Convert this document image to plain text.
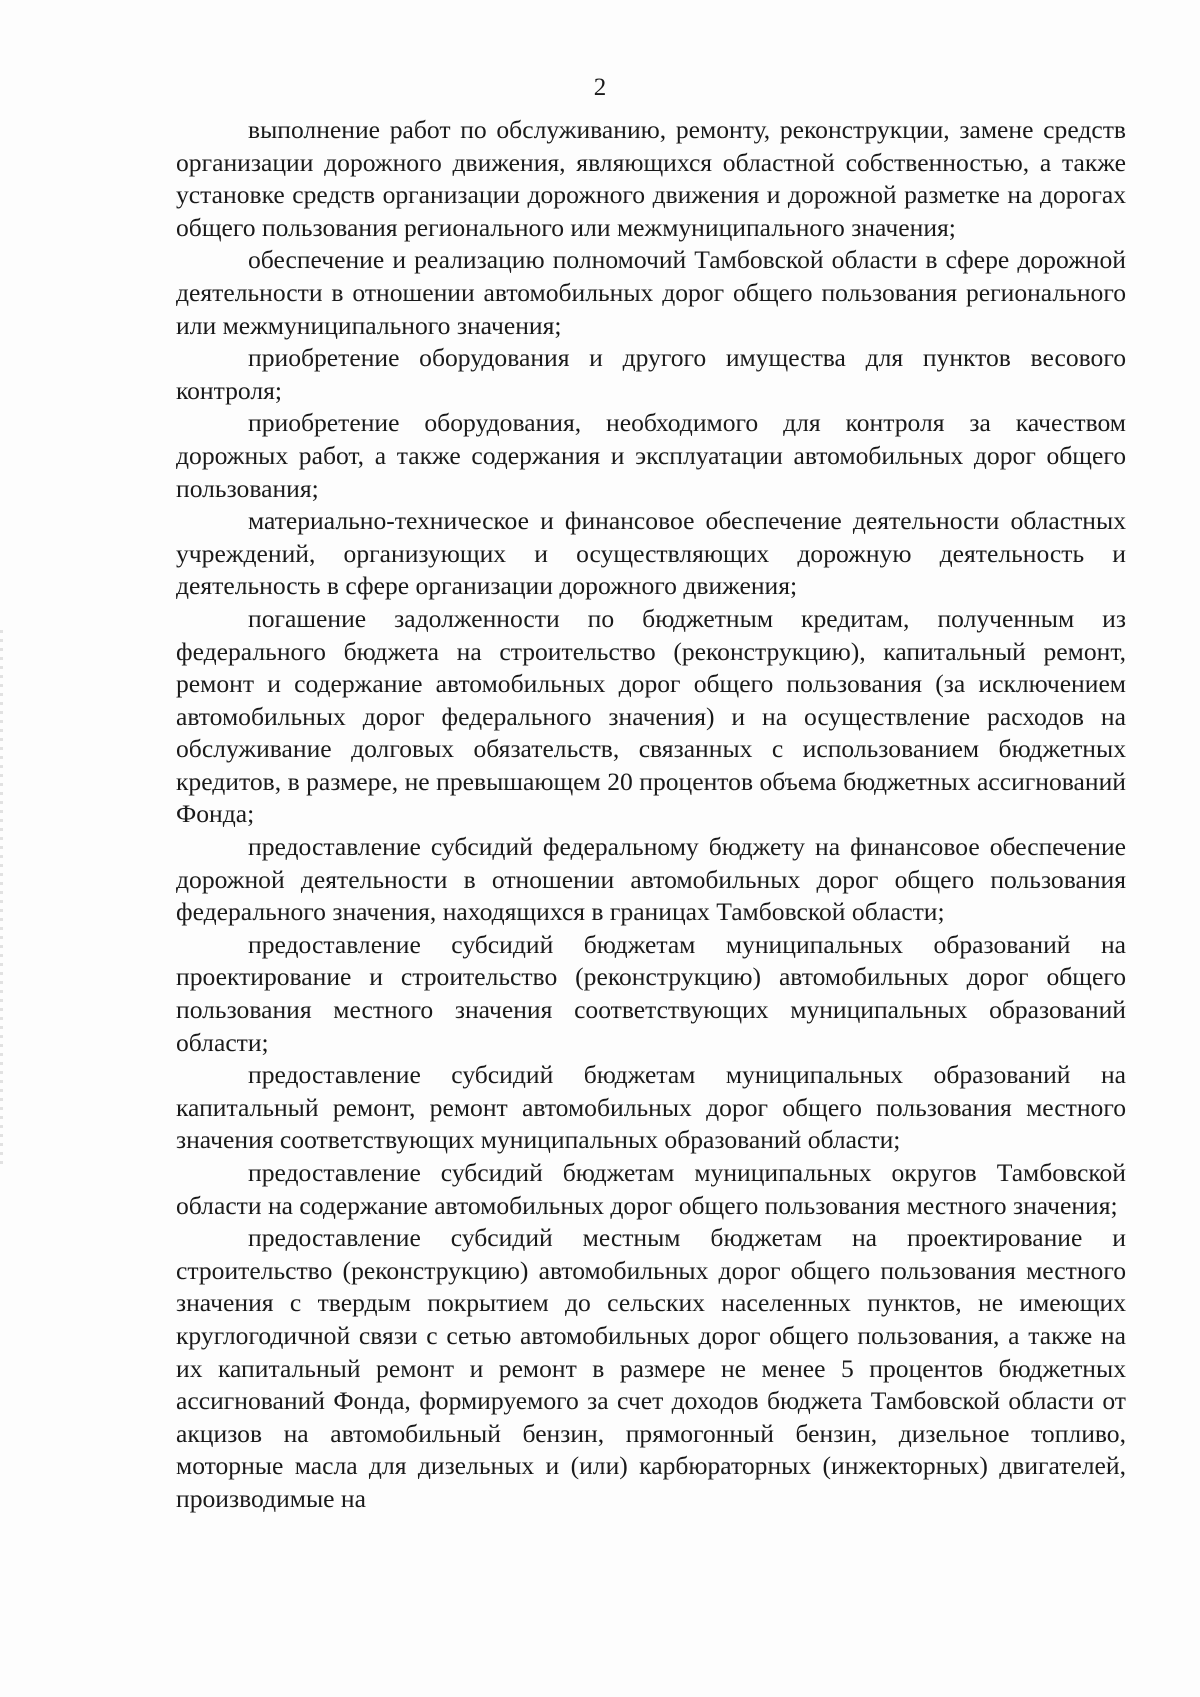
2

выполнение работ по обслуживанию, ремонту, реконструкции, замене средств организации дорожного движения, являющихся областной собственностью, а также установке средств организации дорожного движения и дорожной разметке на дорогах общего пользования регионального или межмуниципального значения;

обеспечение и реализацию полномочий Тамбовской области в сфере дорожной деятельности в отношении автомобильных дорог общего пользования регионального или межмуниципального значения;

приобретение оборудования и другого имущества для пунктов весового контроля;

приобретение оборудования, необходимого для контроля за качеством дорожных работ, а также содержания и эксплуатации автомобильных дорог общего пользования;

материально-техническое и финансовое обеспечение деятельности областных учреждений, организующих и осуществляющих дорожную деятельность и деятельность в сфере организации дорожного движения;

погашение задолженности по бюджетным кредитам, полученным из федерального бюджета на строительство (реконструкцию), капитальный ремонт, ремонт и содержание автомобильных дорог общего пользования (за исключением автомобильных дорог федерального значения) и на осуществление расходов на обслуживание долговых обязательств, связанных с использованием бюджетных кредитов, в размере, не превышающем 20 процентов объема бюджетных ассигнований Фонда;

предоставление субсидий федеральному бюджету на финансовое обеспечение дорожной деятельности в отношении автомобильных дорог общего пользования федерального значения, находящихся в границах Тамбовской области;

предоставление субсидий бюджетам муниципальных образований на проектирование и строительство (реконструкцию) автомобильных дорог общего пользования местного значения соответствующих муниципальных образований области;

предоставление субсидий бюджетам муниципальных образований на капитальный ремонт, ремонт автомобильных дорог общего пользования местного значения соответствующих муниципальных образований области;

предоставление субсидий бюджетам муниципальных округов Тамбовской области на содержание автомобильных дорог общего пользования местного значения;

предоставление субсидий местным бюджетам на проектирование и строительство (реконструкцию) автомобильных дорог общего пользования местного значения с твердым покрытием до сельских населенных пунктов, не имеющих круглогодичной связи с сетью автомобильных дорог общего пользования, а также на их капитальный ремонт и ремонт в размере не менее 5 процентов бюджетных ассигнований Фонда, формируемого за счет доходов бюджета Тамбовской области от акцизов на автомобильный бензин, прямогонный бензин, дизельное топливо, моторные масла для дизельных и (или) карбюраторных (инжекторных) двигателей, производимые на
